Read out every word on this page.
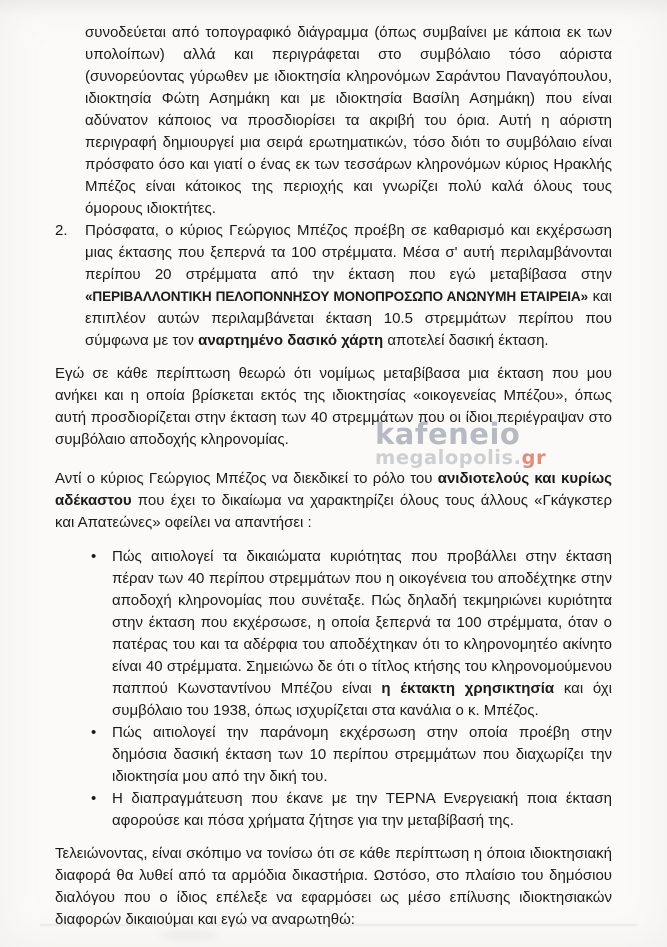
kafeneio
megalopolis.gr

συνοδεύεται από τοπογραφικό διάγραμμα (όπως συμβαίνει με κάποια εκ των υπολοίπων) αλλά και περιγράφεται στο συμβόλαιο τόσο αόριστα (συνορεύοντας γύρωθεν με ιδιοκτησία κληρονόμων Σαράντου Παναγόπουλου, ιδιοκτησία Φώτη Ασημάκη και με ιδιοκτησία Βασίλη Ασημάκη) που είναι αδύνατον κάποιος να προσδιορίσει τα ακριβή του όρια. Αυτή η αόριστη περιγραφή δημιουργεί μια σειρά ερωτηματικών, τόσο διότι το συμβόλαιο είναι πρόσφατο όσο και γιατί ο ένας εκ των τεσσάρων κληρονόμων κύριος Ηρακλής Μπέζος είναι κάτοικος της περιοχής και γνωρίζει πολύ καλά όλους τους όμορους ιδιοκτήτες.

2.	Πρόσφατα, ο κύριος Γεώργιος Μπέζος προέβη σε καθαρισμό και εκχέρσωση μιας έκτασης που ξεπερνά τα 100 στρέμματα. Μέσα σ' αυτή περιλαμβάνονται περίπου 20 στρέμματα από την έκταση που εγώ μεταβίβασα στην «ΠΕΡΙΒΑΛΛΟΝΤΙΚΗ ΠΕΛΟΠΟΝΝΗΣΟΥ ΜΟΝΟΠΡΟΣΩΠΟ ΑΝΩΝΥΜΗ ΕΤΑΙΡΕΙΑ» και επιπλέον αυτών περιλαμβάνεται έκταση 10.5 στρεμμάτων περίπου που σύμφωνα με τον αναρτημένο δασικό χάρτη αποτελεί δασική έκταση.

Εγώ σε κάθε περίπτωση θεωρώ ότι νομίμως μεταβίβασα μια έκταση που μου ανήκει και η οποία βρίσκεται εκτός της ιδιοκτησίας «οικογενείας Μπέζου», όπως αυτή προσδιορίζεται στην έκταση των 40 στρεμμάτων που οι ίδιοι περιέγραψαν στο συμβόλαιο αποδοχής κληρονομίας.

Αντί ο κύριος Γεώργιος Μπέζος να διεκδικεί το ρόλο του ανιδιοτελούς και κυρίως αδέκαστου που έχει το δικαίωμα να χαρακτηρίζει όλους τους άλλους «Γκάγκστερ και Απατεώνες» οφείλει να απαντήσει :

• Πώς αιτιολογεί τα δικαιώματα κυριότητας που προβάλλει στην έκταση πέραν των 40 περίπου στρεμμάτων που η οικογένεια του αποδέχτηκε στην αποδοχή κληρονομίας που συνέταξε. Πώς δηλαδή τεκμηριώνει κυριότητα στην έκταση που εκχέρσωσε, η οποία ξεπερνά τα 100 στρέμματα, όταν ο πατέρας του και τα αδέρφια του αποδέχτηκαν ότι το κληρονομητέο ακίνητο είναι 40 στρέμματα. Σημειώνω δε ότι ο τίτλος κτήσης του κληρονομούμενου παππού Κωνσταντίνου Μπέζου είναι η έκτακτη χρησικτησία και όχι συμβόλαιο του 1938, όπως ισχυρίζεται στα κανάλια ο κ. Μπέζος.
• Πώς αιτιολογεί την παράνομη εκχέρσωση στην οποία προέβη στην δημόσια δασική έκταση των 10 περίπου στρεμμάτων που διαχωρίζει την ιδιοκτησία μου από την δική του.
• Η διαπραγμάτευση που έκανε με την ΤΕΡΝΑ Ενεργειακή ποια έκταση αφορούσε και πόσα χρήματα ζήτησε για την μεταβίβασή της.

Τελειώνοντας, είναι σκόπιμο να τονίσω ότι σε κάθε περίπτωση η όποια ιδιοκτησιακή διαφορά θα λυθεί από τα αρμόδια δικαστήρια. Ωστόσο, στο πλαίσιο του δημόσιου διαλόγου που ο ίδιος επέλεξε να εφαρμόσει ως μέσο επίλυσης ιδιοκτησιακών διαφορών δικαιούμαι και εγώ να αναρωτηθώ:
